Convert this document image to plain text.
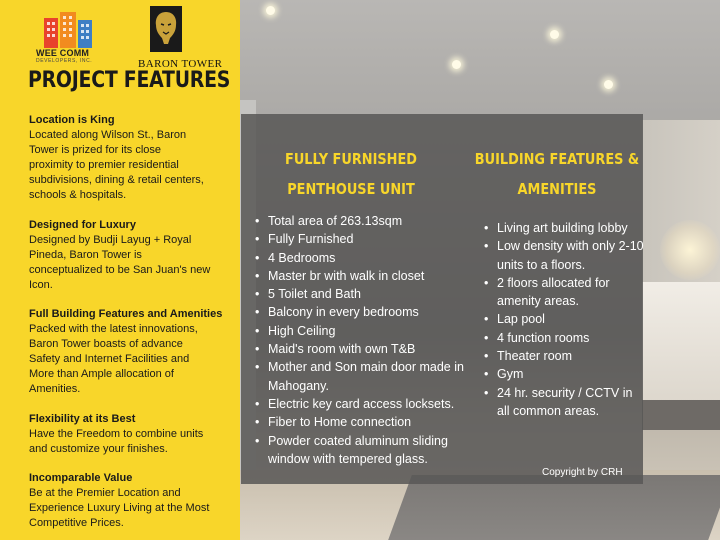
WEE COMM
DEVELOPERS, INC.	BARON TOWER
PROJECT FEATURES
Location is King
Located along Wilson St., Baron
Tower is prized for its close
proximity to premier residential
subdivisions, dining & retail centers,
schools & hospitals.
Designed for Luxury
Designed by Budji Layug + Royal
Pineda, Baron Tower is
conceptualized to be San Juan's new
Icon.
Full Building Features and Amenities
Packed with the latest innovations,
Baron Tower boasts of advance
Safety and Internet Facilities and
More than Ample allocation of
Amenities.
Flexibility at its Best
Have the Freedom to combine units
and customize your finishes.
Incomparable Value
Be at the Premier Location and
Experience Luxury Living at the Most
Competitive Prices.
FULLY FURNISHED
PENTHOUSE UNIT
BUILDING FEATURES &
AMENITIES
• Total area of 263.13sqm
• Fully Furnished
• 4 Bedrooms
• Master br with walk in closet
• 5 Toilet and Bath
• Balcony in every bedrooms
• High Ceiling
• Maid's room with own T&B
• Mother and Son main door made in Mahogany.
• Electric key card access locksets.
• Fiber to Home connection
• Powder coated aluminum sliding window with tempered glass.
• Living art building lobby
• Low density with only 2-10 units to a floors.
• 2 floors allocated for amenity areas.
• Lap pool
• 4 function rooms
• Theater room
• Gym
• 24 hr. security / CCTV in all common areas.
Copyright by CRH
